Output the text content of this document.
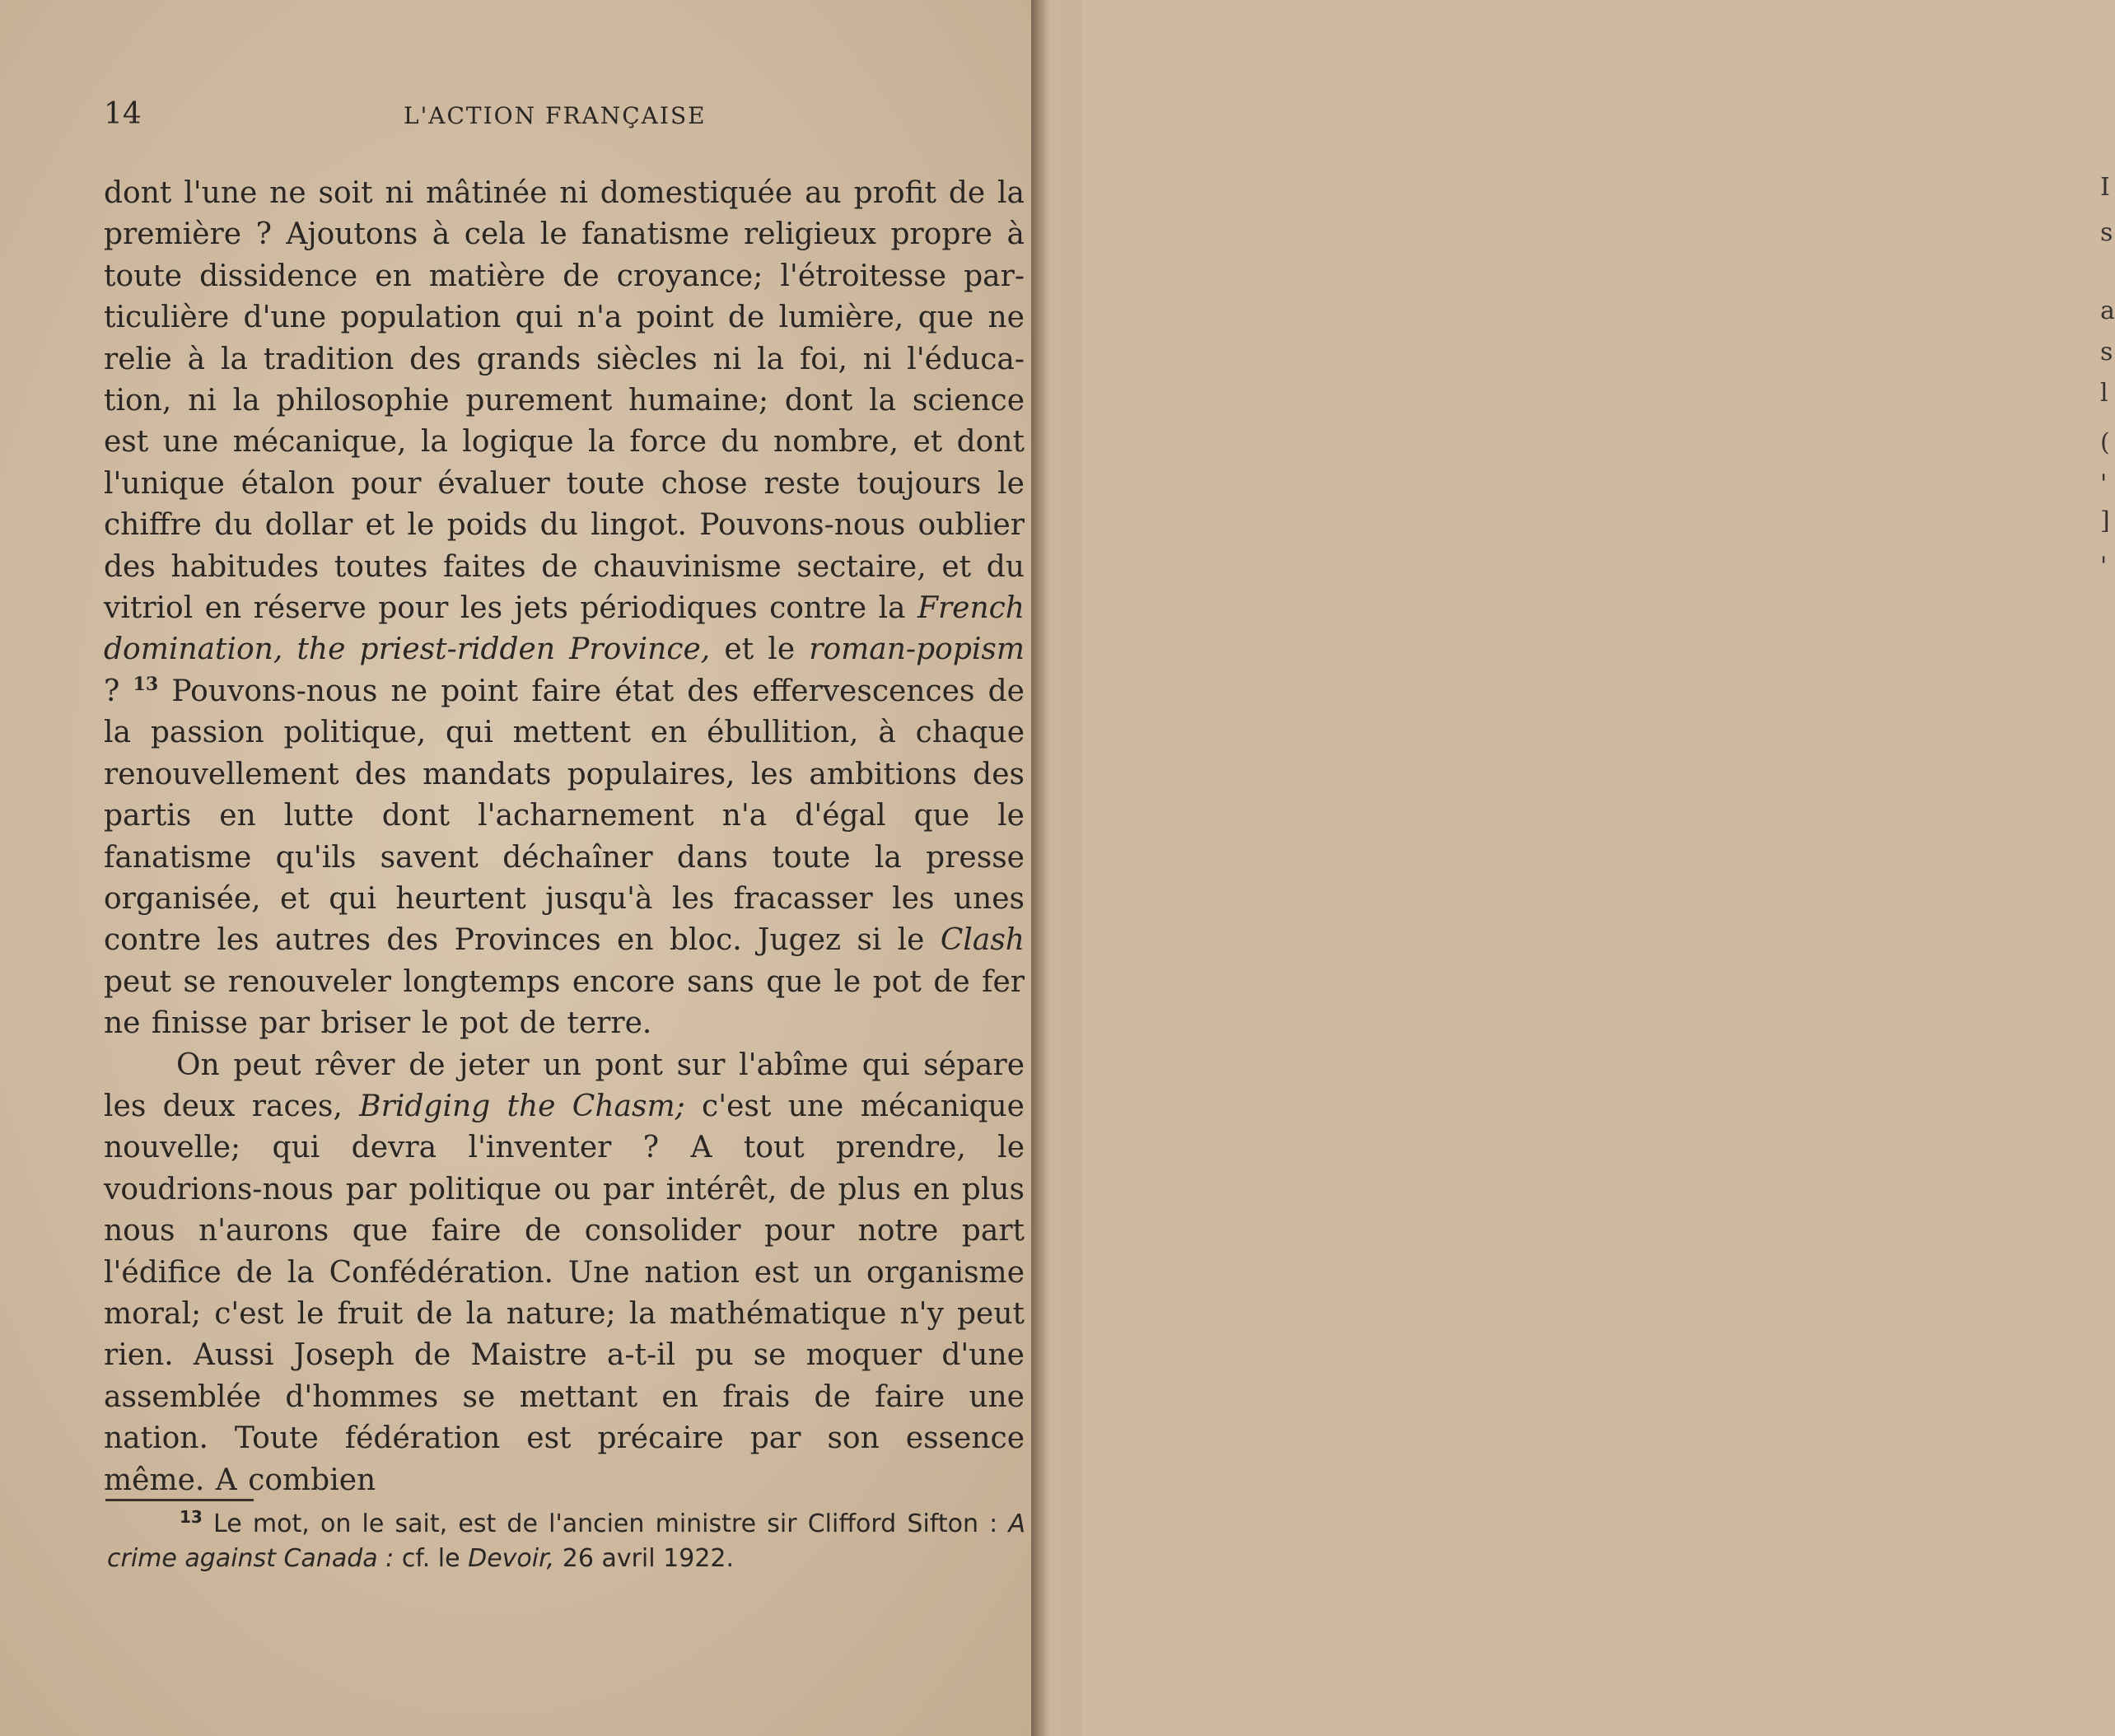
I
s
a
s
l
(
'
]
'
14	L'ACTION FRANÇAISE

dont l'une ne soit ni mâtinée ni domestiquée au profit de la première ? Ajoutons à cela le fanatisme religieux propre à toute dissidence en matière de croyance; l'étroitesse particulière d'une population qui n'a point de lumière, que ne relie à la tradition des grands siècles ni la foi, ni l'éducation, ni la philosophie purement humaine; dont la science est une mécanique, la logique la force du nombre, et dont l'unique étalon pour évaluer toute chose reste toujours le chiffre du dollar et le poids du lingot. Pouvons-nous oublier des habitudes toutes faites de chauvinisme sectaire, et du vitriol en réserve pour les jets périodiques contre la French domination, the priest-ridden Province, et le roman-popism ? $^{13}$ Pouvons-nous ne point faire état des effervescences de la passion politique, qui mettent en ébullition, à chaque renouvellement des mandats populaires, les ambitions des partis en lutte dont l'acharnement n'a d'égal que le fanatisme qu'ils savent déchaîner dans toute la presse organisée, et qui heurtent jusqu'à les fracasser les unes contre les autres des Provinces en bloc. Jugez si le Clash peut se renouveler longtemps encore sans que le pot de fer ne finisse par briser le pot de terre.

On peut rêver de jeter un pont sur l'abîme qui sépare les deux races, Bridging the Chasm; c'est une mécanique nouvelle; qui devra l'inventer ? A tout prendre, le voudrions-nous par politique ou par intérêt, de plus en plus nous n'aurons que faire de consolider pour notre part l'édifice de la Confédération. Une nation est un organisme moral; c'est le fruit de la nature; la mathématique n'y peut rien. Aussi Joseph de Maistre a-t-il pu se moquer d'une assemblée d'hommes se mettant en frais de faire une nation. Toute fédération est précaire par son essence même. A combien

$^{13}$ Le mot, on le sait, est de l'ancien ministre sir Clifford Sifton : A crime against Canada : cf. le Devoir, 26 avril 1922.
